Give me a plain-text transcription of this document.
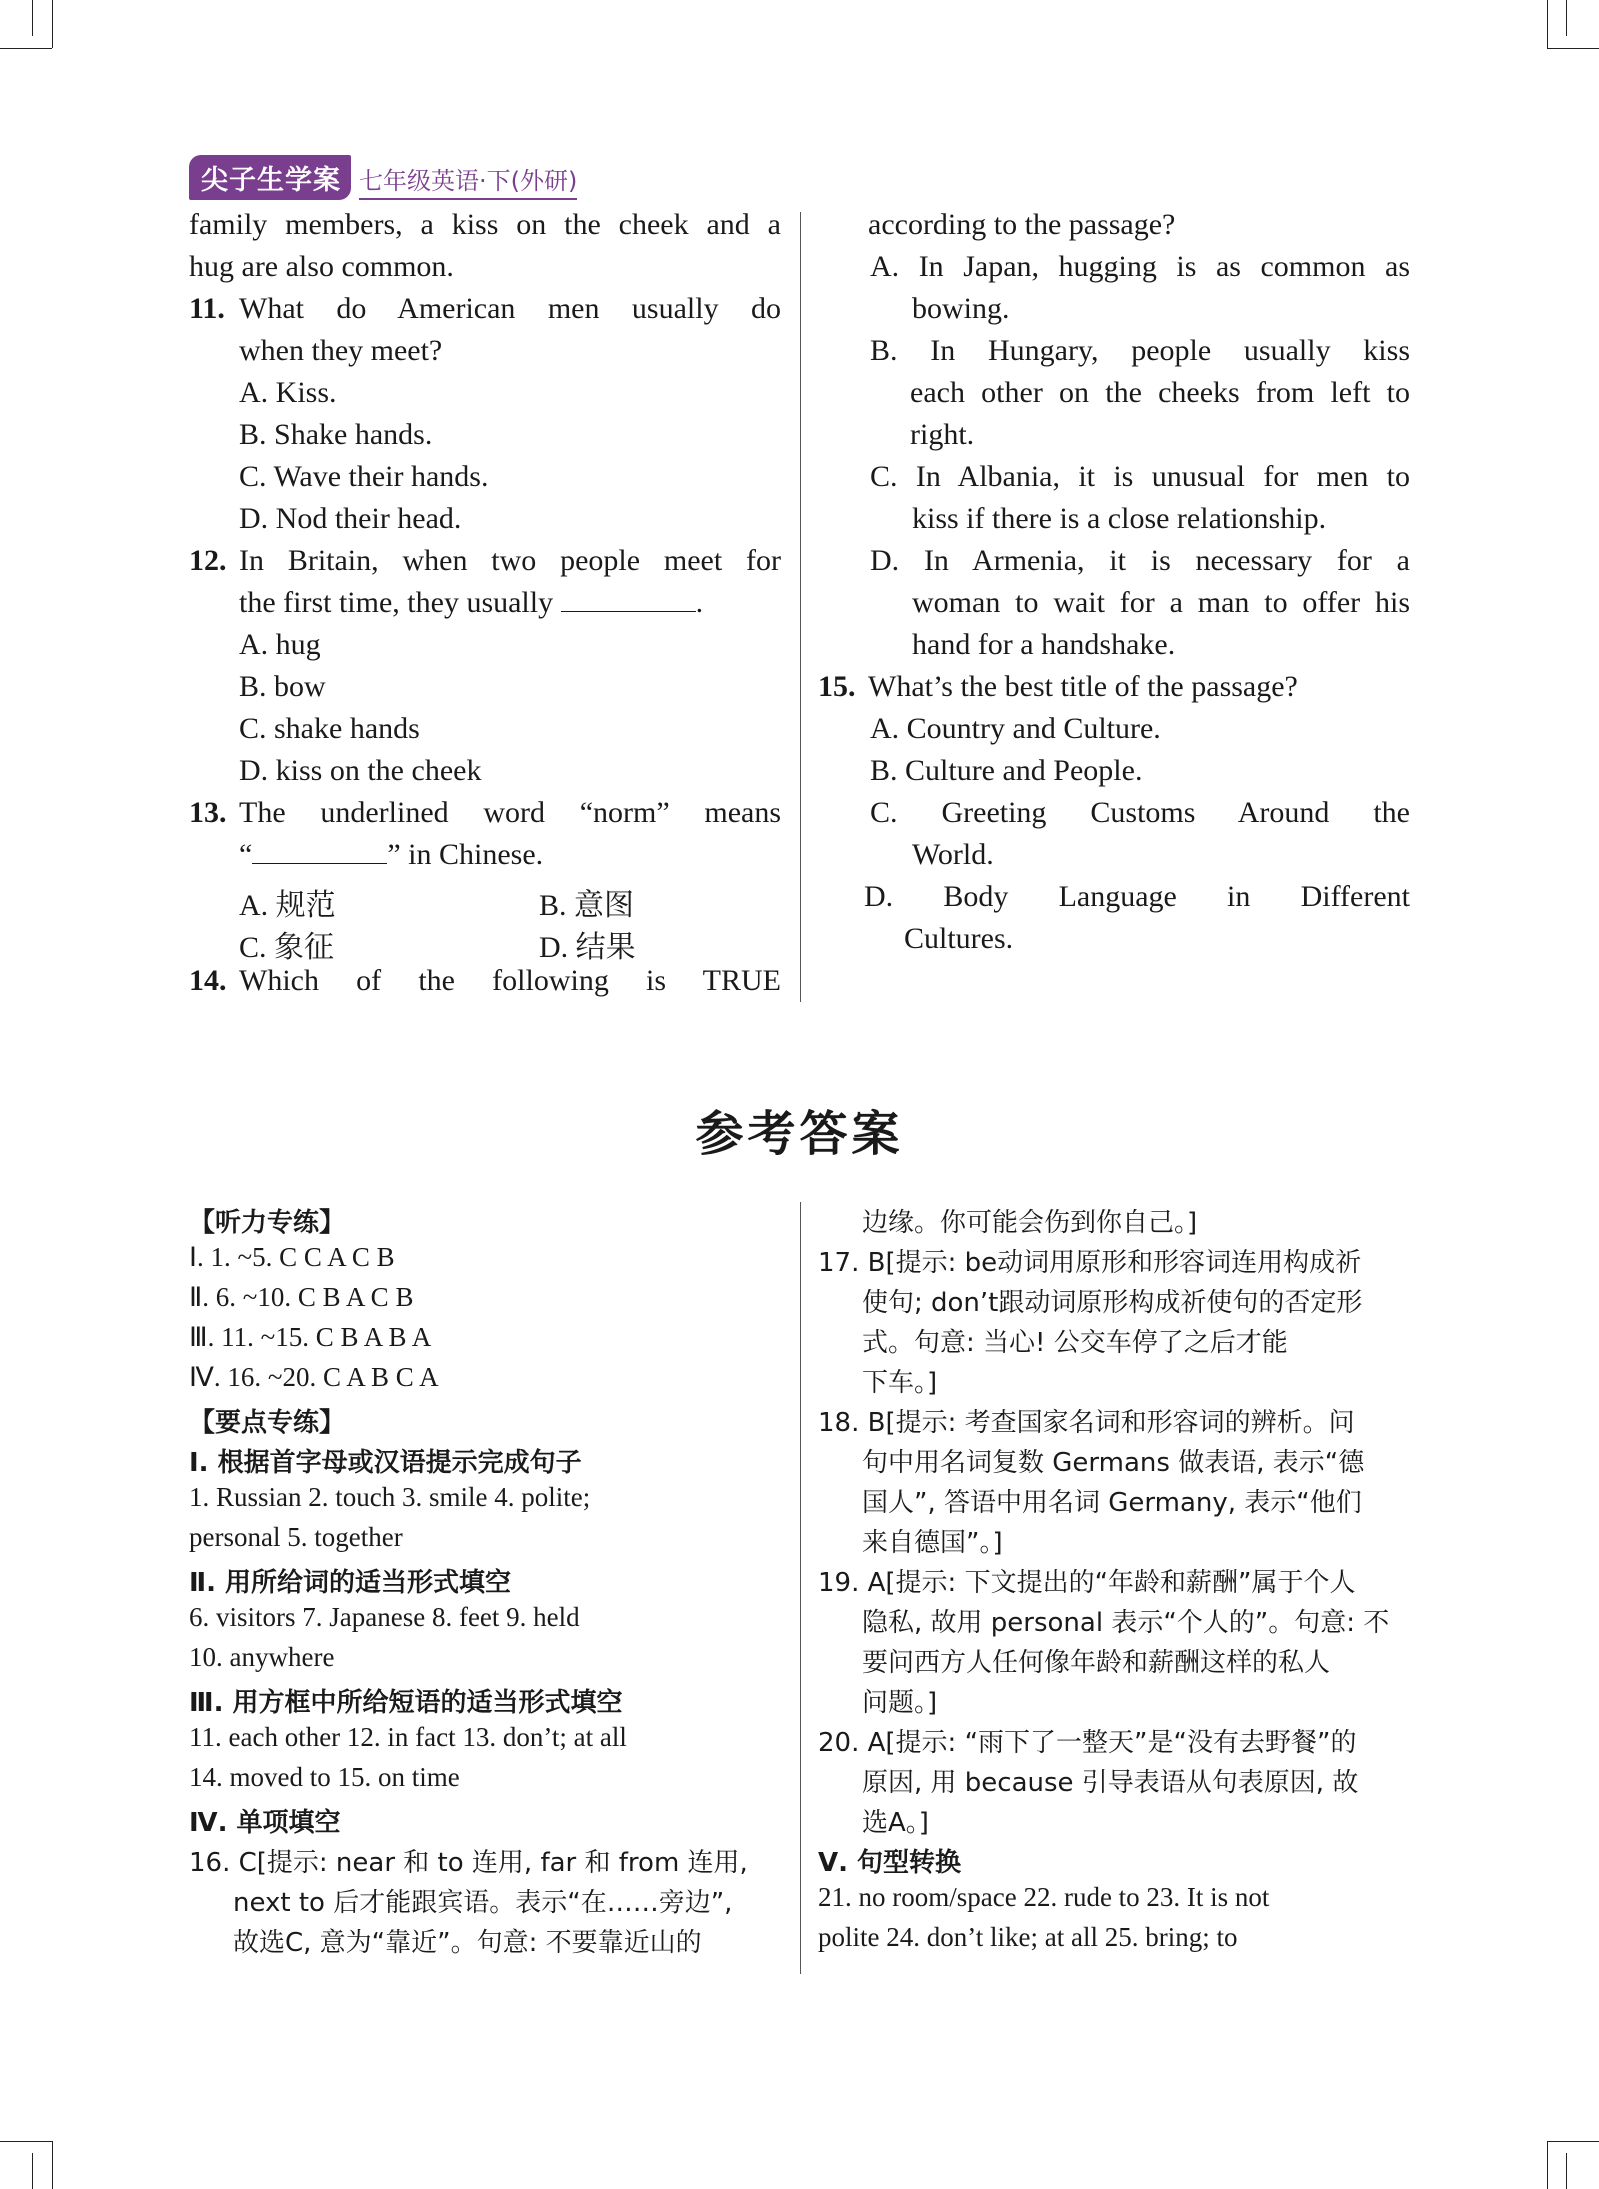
尖子生学案 七年级英语·下(外研)
family members, a kiss on the cheek and a
hug are also common.
11. What do American men usually do
when they meet?
A. Kiss.
B. Shake hands.
C. Wave their hands.
D. Nod their head.
12. In Britain, when two people meet for
the first time, they usually	.
A. hug
B. bow
C. shake hands
D. kiss on the cheek
13. The underlined word “norm” means
“	” in Chinese.
A. 规范	B. 意图
C. 象征	D. 结果
14. Which of the following is TRUE
according to the passage?
A. In Japan, hugging is as common as
bowing.
B. In Hungary, people usually kiss
each other on the cheeks from left to
right.
C. In Albania, it is unusual for men to
kiss if there is a close relationship.
D. In Armenia, it is necessary for a
woman to wait for a man to offer his
hand for a handshake.
15. What’s the best title of the passage?
A. Country and Culture.
B. Culture and People.
C. Greeting Customs Around the
World.
D. Body Language in Different
Cultures.
参考答案
【听力专练】
Ⅰ. 1. ~5. C C A C B
Ⅱ. 6. ~10. C B A C B
Ⅲ. 11. ~15. C B A B A
Ⅳ. 16. ~20. C A B C A
【要点专练】
Ⅰ. 根据首字母或汉语提示完成句子
1. Russian 2. touch 3. smile 4. polite;
personal 5. together
Ⅱ. 用所给词的适当形式填空
6. visitors 7. Japanese 8. feet 9. held
10. anywhere
Ⅲ. 用方框中所给短语的适当形式填空
11. each other 12. in fact 13. don’t; at all
14. moved to 15. on time
Ⅳ. 单项填空
16. C[提示: near 和 to 连用, far 和 from 连用,
next to 后才能跟宾语。表示“在……旁边”,
故选C, 意为“靠近”。句意: 不要靠近山的
边缘。你可能会伤到你自己。]
17. B[提示: be动词用原形和形容词连用构成祈
使句; don’t跟动词原形构成祈使句的否定形
式。句意: 当心! 公交车停了之后才能
下车。]
18. B[提示: 考查国家名词和形容词的辨析。问
句中用名词复数 Germans 做表语, 表示“德
国人”, 答语中用名词 Germany, 表示“他们
来自德国”。]
19. A[提示: 下文提出的“年龄和薪酬”属于个人
隐私, 故用 personal 表示“个人的”。句意: 不
要问西方人任何像年龄和薪酬这样的私人
问题。]
20. A[提示: “雨下了一整天”是“没有去野餐”的
原因, 用 because 引导表语从句表原因, 故
选A。]
Ⅴ. 句型转换
21. no room/space 22. rude to 23. It is not
polite 24. don’t like; at all 25. bring; to
